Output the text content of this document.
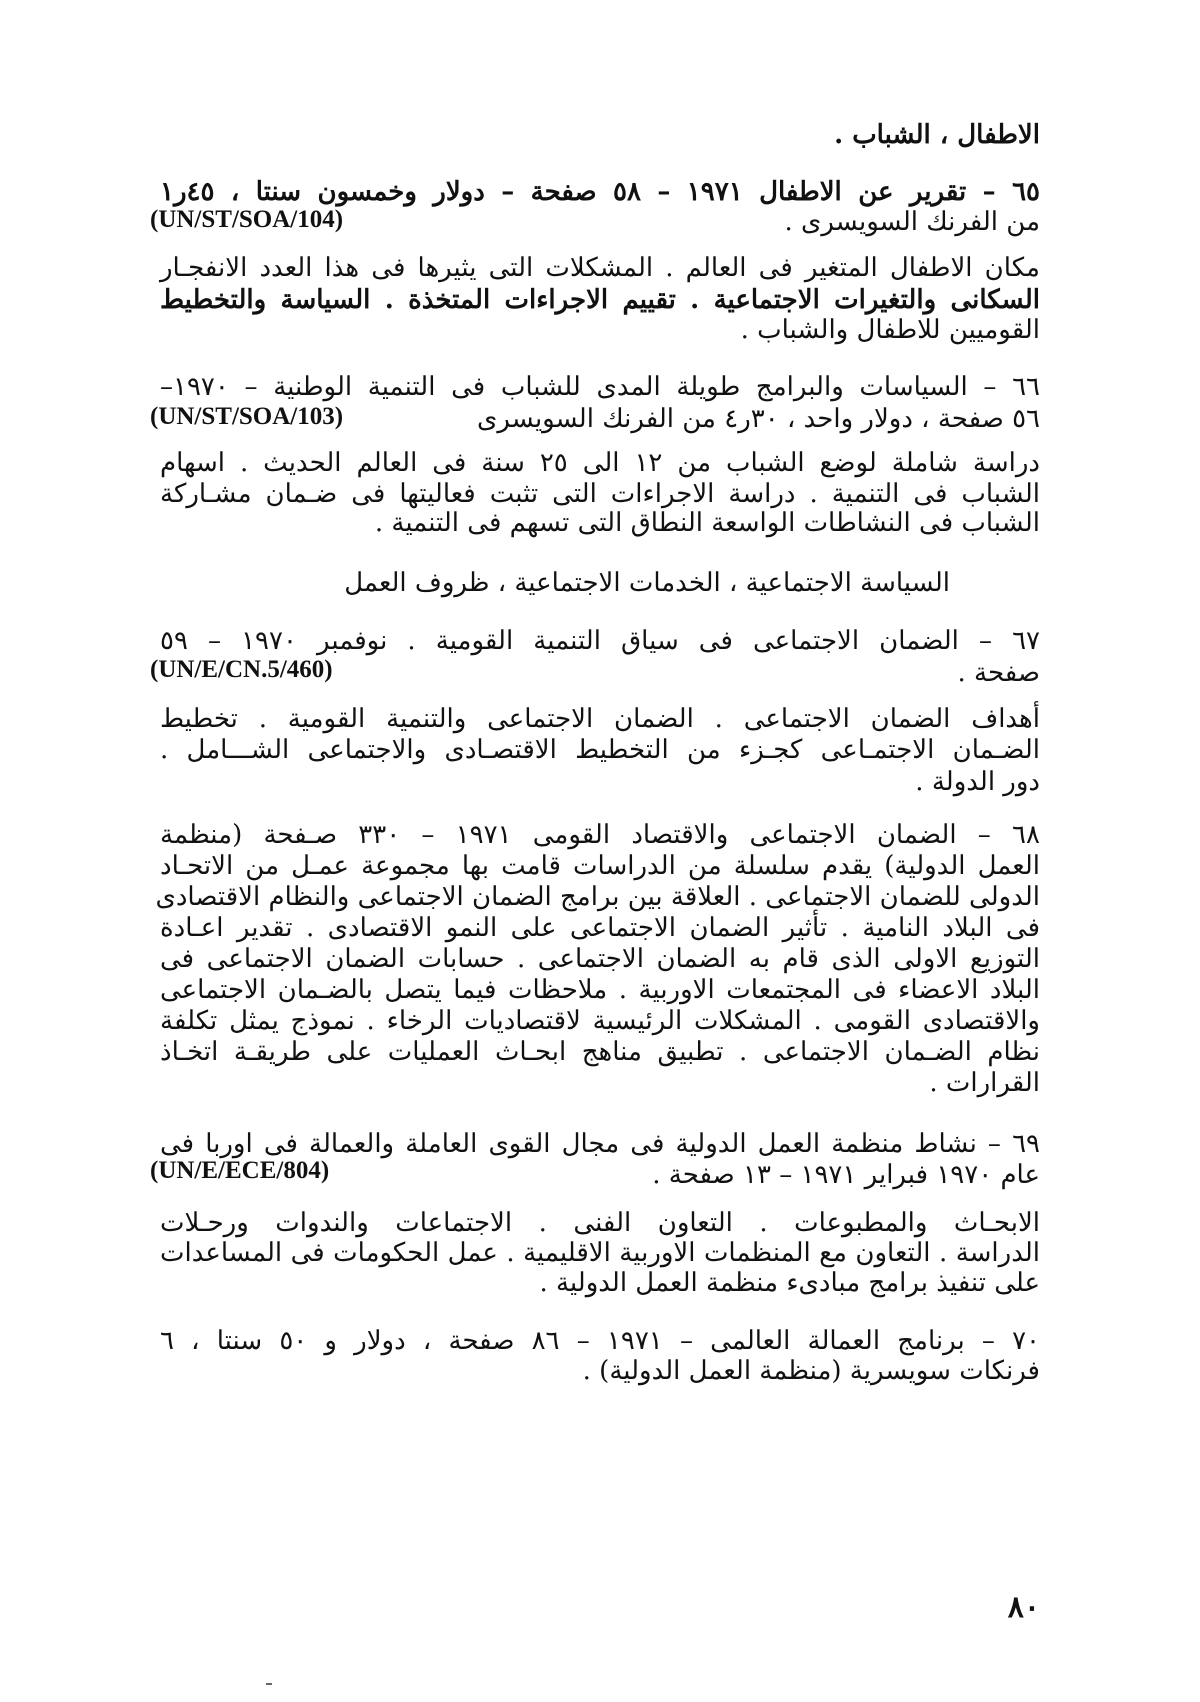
الاطفال ، الشباب .
٦٥ – تقرير عن الاطفال ١٩٧١ – ٥٨ صفحة – دولار وخمسون سنتا ، ٤٥ر١
من الفرنك السويسرى .
(UN/ST/SOA/104)
مكان الاطفال المتغير فى العالم . المشكلات التى يثيرها فى هذا العدد الانفجـار
السكانى والتغيرات الاجتماعية . تقييم الاجراءات المتخذة . السياسة والتخطيط
القوميين للاطفال والشباب .
٦٦ – السياسات والبرامج طويلة المدى للشباب فى التنمية الوطنية – ١٩٧٠–
٥٦ صفحة ، دولار واحد ، ٣٠ر٤ من الفرنك السويسرى
(UN/ST/SOA/103)
دراسة شاملة لوضع الشباب من ١٢ الى ٢٥ سنة فى العالم الحديث . اسهام
الشباب فى التنمية . دراسة الاجراءات التى تثبت فعاليتها فى ضـمان مشـاركة
الشباب فى النشاطات الواسعة النطاق التى تسهم فى التنمية .
السياسة الاجتماعية ، الخدمات الاجتماعية ، ظروف العمل
٦٧ – الضمان الاجتماعى فى سياق التنمية القومية . نوفمبر ١٩٧٠ – ٥٩
صفحة .
(UN/E/CN.5/460)
أهداف الضمان الاجتماعى . الضمان الاجتماعى والتنمية القومية . تخطيط
الضـمان الاجتمـاعى كجـزء من التخطيط الاقتصـادى والاجتماعى الشـــامل .
دور الدولة .
٦٨ – الضمان الاجتماعى والاقتصاد القومى ١٩٧١ – ٣٣٠ صـفحة (منظمة
العمل الدولية) يقدم سلسلة من الدراسات قامت بها مجموعة عمـل من الاتحـاد
الدولى للضمان الاجتماعى . العلاقة بين برامج الضمان الاجتماعى والنظام الاقتصادى
فى البلاد النامية . تأثير الضمان الاجتماعى على النمو الاقتصادى . تقدير اعـادة
التوزيع الاولى الذى قام به الضمان الاجتماعى . حسابات الضمان الاجتماعى فى
البلاد الاعضاء فى المجتمعات الاوربية . ملاحظات فيما يتصل بالضـمان الاجتماعى
والاقتصادى القومى . المشكلات الرئيسية لاقتصاديات الرخاء . نموذج يمثل تكلفة
نظام الضـمان الاجتماعى . تطبيق مناهج ابحـاث العمليات على طريقـة اتخـاذ
القرارات .
٦٩ – نشاط منظمة العمل الدولية فى مجال القوى العاملة والعمالة فى اوربا فى
عام ١٩٧٠ فبراير ١٩٧١ – ١٣ صفحة .
(UN/E/ECE/804)
الابحـاث والمطبوعات . التعاون الفنى . الاجتماعات والندوات ورحـلات
الدراسة . التعاون مع المنظمات الاوربية الاقليمية . عمل الحكومات فى المساعدات
على تنفيذ برامج مبادىء منظمة العمل الدولية .
٧٠ – برنامج العمالة العالمى – ١٩٧١ – ٨٦ صفحة ، دولار و ٥٠ سنتا ، ٦
فرنكات سويسرية (منظمة العمل الدولية) .
٨٠
